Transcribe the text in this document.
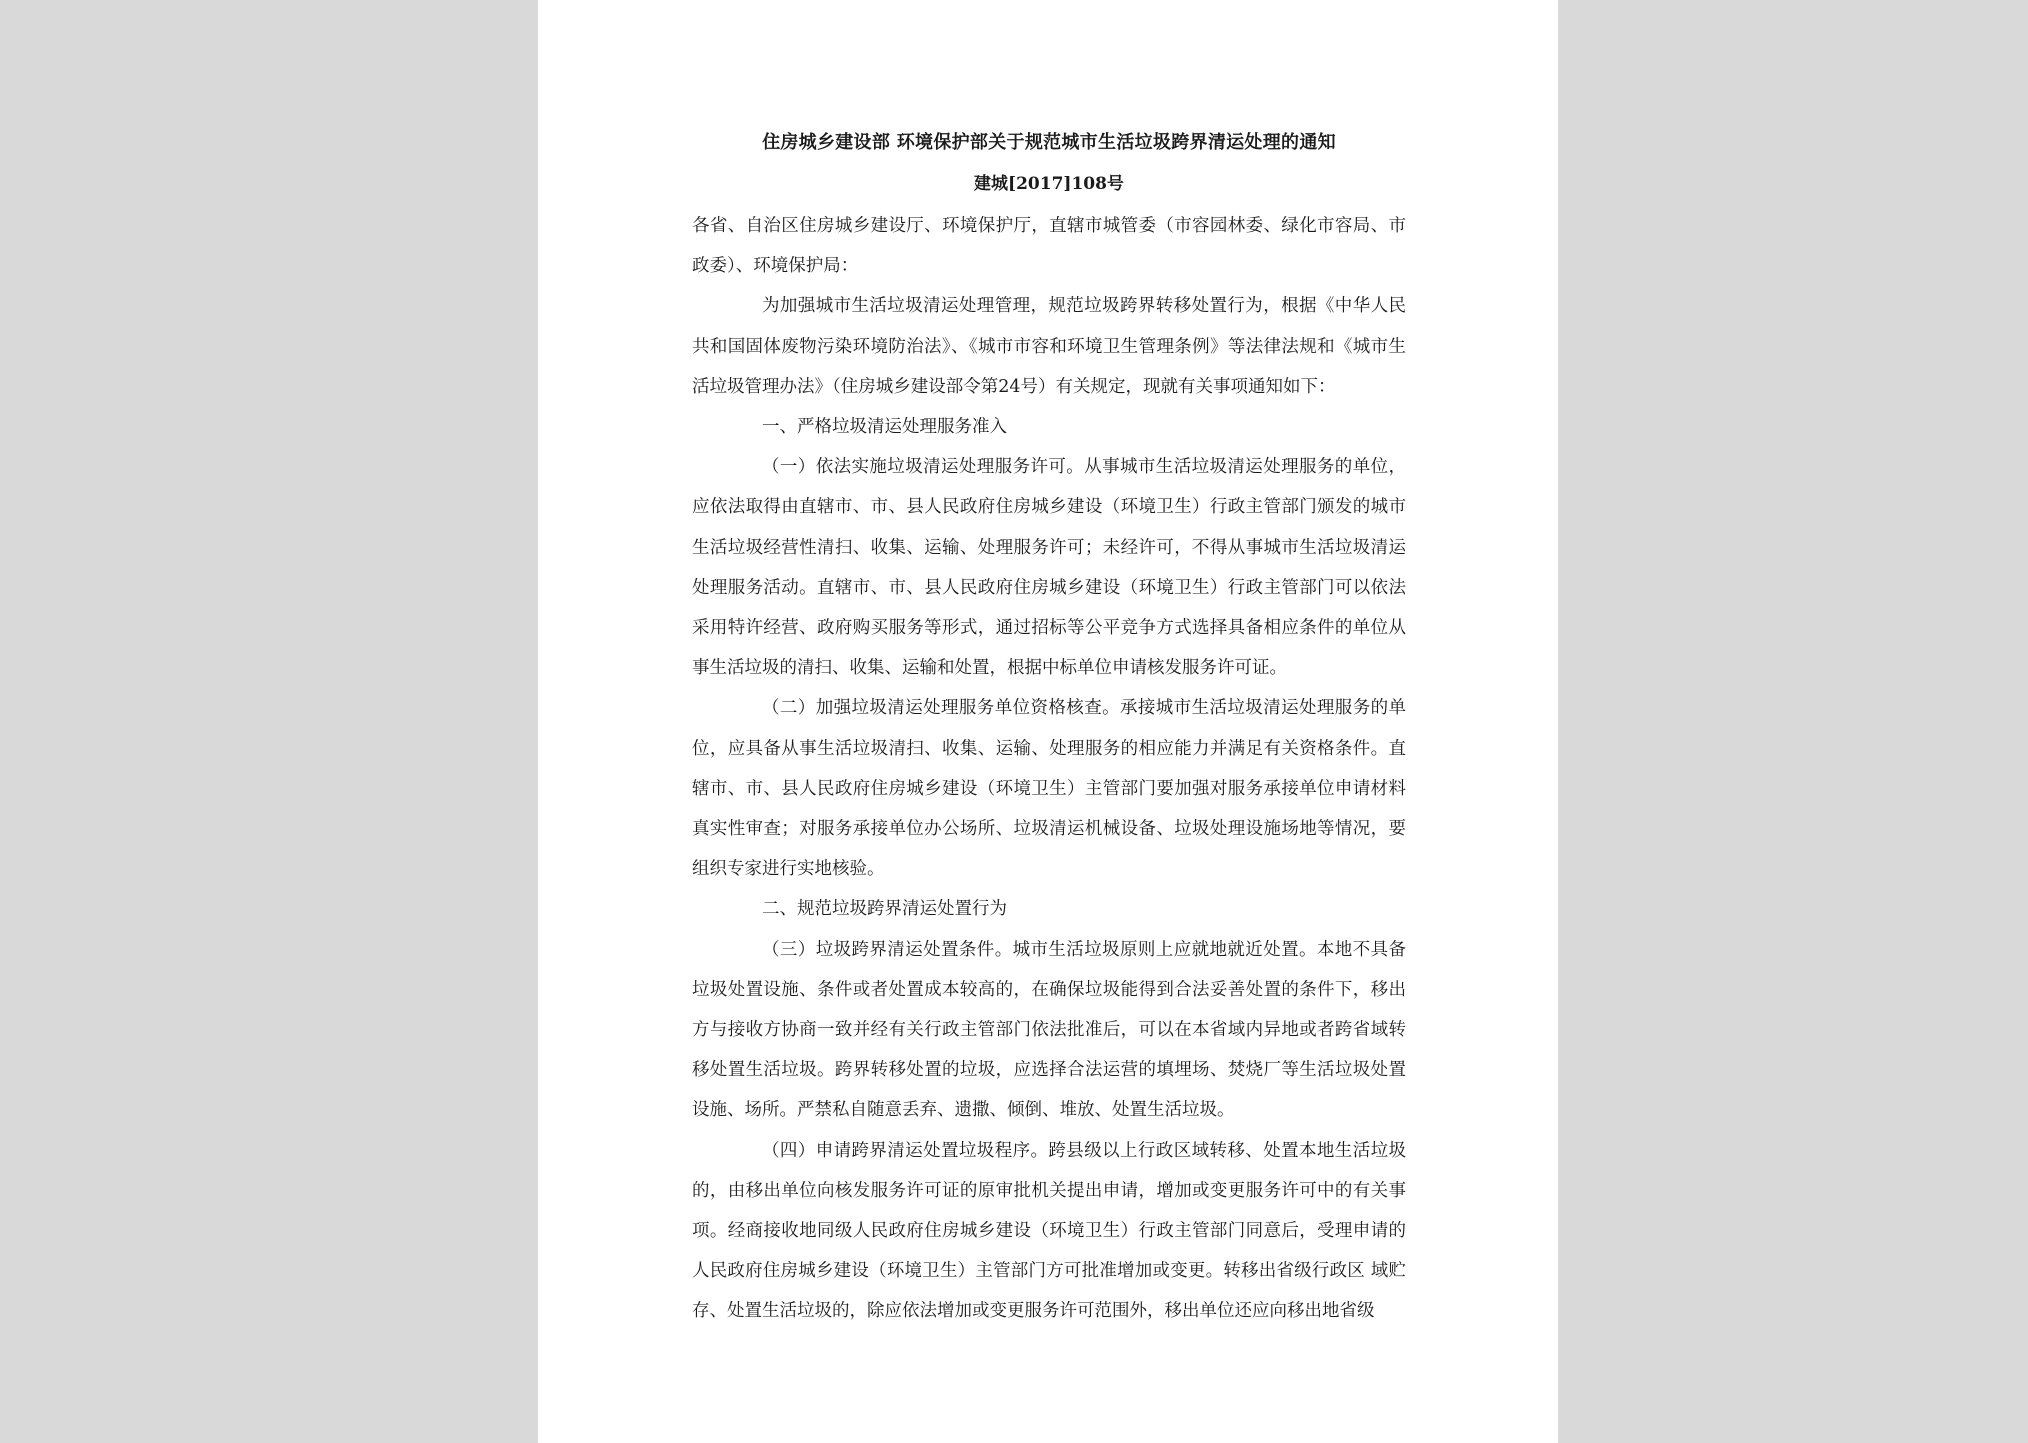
住房城乡建设部 环境保护部关于规范城市生活垃圾跨界清运处理的通知
建城[2017]108号

各省、自治区住房城乡建设厅、环境保护厅，直辖市城管委（市容园林委、绿化市容局、市政委）、环境保护局：

为加强城市生活垃圾清运处理管理，规范垃圾跨界转移处置行为，根据《中华人民共和国固体废物污染环境防治法》、《城市市容和环境卫生管理条例》等法律法规和《城市生活垃圾管理办法》（住房城乡建设部令第24号）有关规定，现就有关事项通知如下：

一、严格垃圾清运处理服务准入

（一）依法实施垃圾清运处理服务许可。从事城市生活垃圾清运处理服务的单位，应依法取得由直辖市、市、县人民政府住房城乡建设（环境卫生）行政主管部门颁发的城市生活垃圾经营性清扫、收集、运输、处理服务许可；未经许可，不得从事城市生活垃圾清运处理服务活动。直辖市、市、县人民政府住房城乡建设（环境卫生）行政主管部门可以依法采用特许经营、政府购买服务等形式，通过招标等公平竞争方式选择具备相应条件的单位从事生活垃圾的清扫、收集、运输和处置，根据中标单位申请核发服务许可证。

（二）加强垃圾清运处理服务单位资格核查。承接城市生活垃圾清运处理服务的单位，应具备从事生活垃圾清扫、收集、运输、处理服务的相应能力并满足有关资格条件。直辖市、市、县人民政府住房城乡建设（环境卫生）主管部门要加强对服务承接单位申请材料真实性审查；对服务承接单位办公场所、垃圾清运机械设备、垃圾处理设施场地等情况，要组织专家进行实地核验。

二、规范垃圾跨界清运处置行为

（三）垃圾跨界清运处置条件。城市生活垃圾原则上应就地就近处置。本地不具备垃圾处置设施、条件或者处置成本较高的，在确保垃圾能得到合法妥善处置的条件下，移出方与接收方协商一致并经有关行政主管部门依法批准后，可以在本省域内异地或者跨省域转移处置生活垃圾。跨界转移处置的垃圾，应选择合法运营的填埋场、焚烧厂等生活垃圾处置设施、场所。严禁私自随意丢弃、遗撒、倾倒、堆放、处置生活垃圾。

（四）申请跨界清运处置垃圾程序。跨县级以上行政区域转移、处置本地生活垃圾的，由移出单位向核发服务许可证的原审批机关提出申请，增加或变更服务许可中的有关事项。经商接收地同级人民政府住房城乡建设（环境卫生）行政主管部门同意后，受理申请的人民政府住房城乡建设（环境卫生）主管部门方可批准增加或变更。转移出省级行政区 域贮存、处置生活垃圾的，除应依法增加或变更服务许可范围外，移出单位还应向移出地省级
